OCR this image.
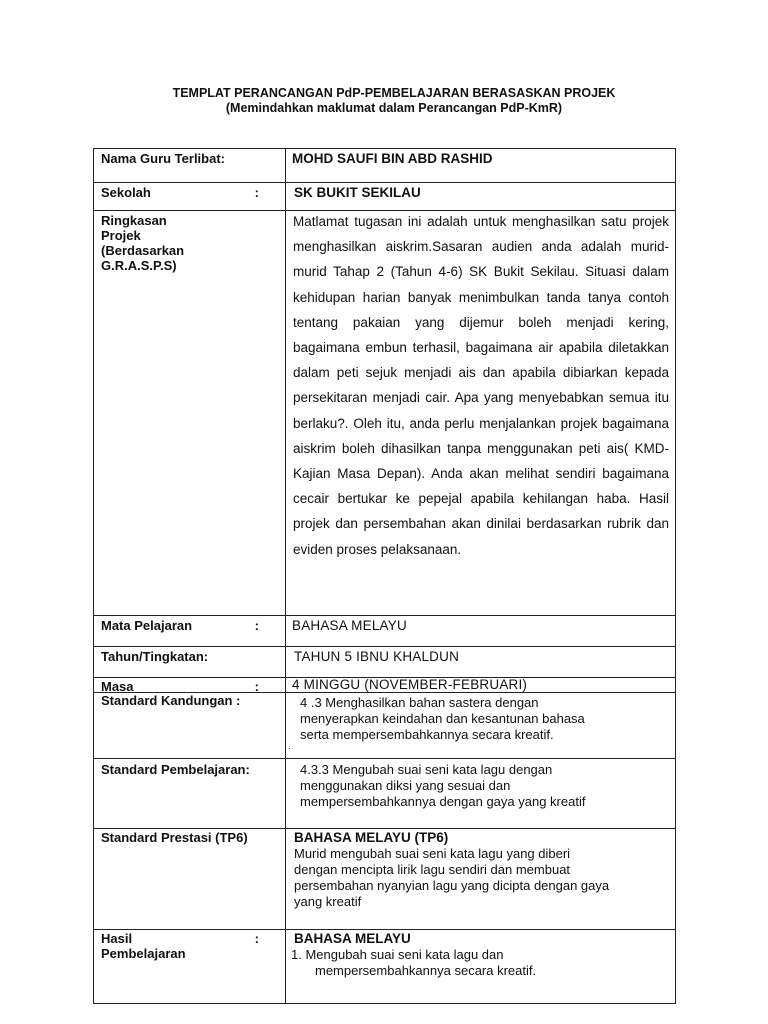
TEMPLAT PERANCANGAN PdP-PEMBELAJARAN BERASASKAN PROJEK
(Memindahkan maklumat dalam Perancangan PdP-KmR)
Nama Guru Terlibat:	MOHD SAUFI BIN ABD RASHID
Sekolah	:	SK BUKIT SEKILAU
Ringkasan
Projek
(Berdasarkan
G.R.A.S.P.S)
Matlamat tugasan ini adalah untuk menghasilkan satu projek menghasilkan aiskrim.Sasaran audien anda adalah murid-murid Tahap 2 (Tahun 4-6) SK Bukit Sekilau. Situasi dalam kehidupan harian banyak menimbulkan tanda tanya contoh tentang pakaian yang dijemur boleh menjadi kering, bagaimana embun terhasil, bagaimana air apabila diletakkan dalam peti sejuk menjadi ais dan apabila dibiarkan kepada persekitaran menjadi cair. Apa yang menyebabkan semua itu berlaku?. Oleh itu, anda perlu menjalankan projek bagaimana aiskrim boleh dihasilkan tanpa menggunakan peti ais( KMD-Kajian Masa Depan). Anda akan melihat sendiri bagaimana cecair bertukar ke pepejal apabila kehilangan haba. Hasil projek dan persembahan akan dinilai berdasarkan rubrik dan eviden proses pelaksanaan.
Mata Pelajaran	:	BAHASA MELAYU
Tahun/Tingkatan:	TAHUN 5 IBNU KHALDUN
Masa	:	4 MINGGU (NOVEMBER-FEBRUARI)
Standard Kandungan :	4 .3 Menghasilkan bahan sastera dengan
menyerapkan keindahan dan kesantunan bahasa
serta mempersembahkannya secara kreatif.
.
Standard Pembelajaran:	4.3.3 Mengubah suai seni kata lagu dengan
menggunakan diksi yang sesuai dan
mempersembahkannya dengan gaya yang kreatif
Standard Prestasi (TP6)	BAHASA MELAYU (TP6)
Murid mengubah suai seni kata lagu yang diberi
dengan mencipta lirik lagu sendiri dan membuat
persembahan nyanyian lagu yang dicipta dengan gaya
yang kreatif
Hasil
Pembelajaran
:	BAHASA MELAYU
1. Mengubah suai seni kata lagu dan
mempersembahkannya secara kreatif.
